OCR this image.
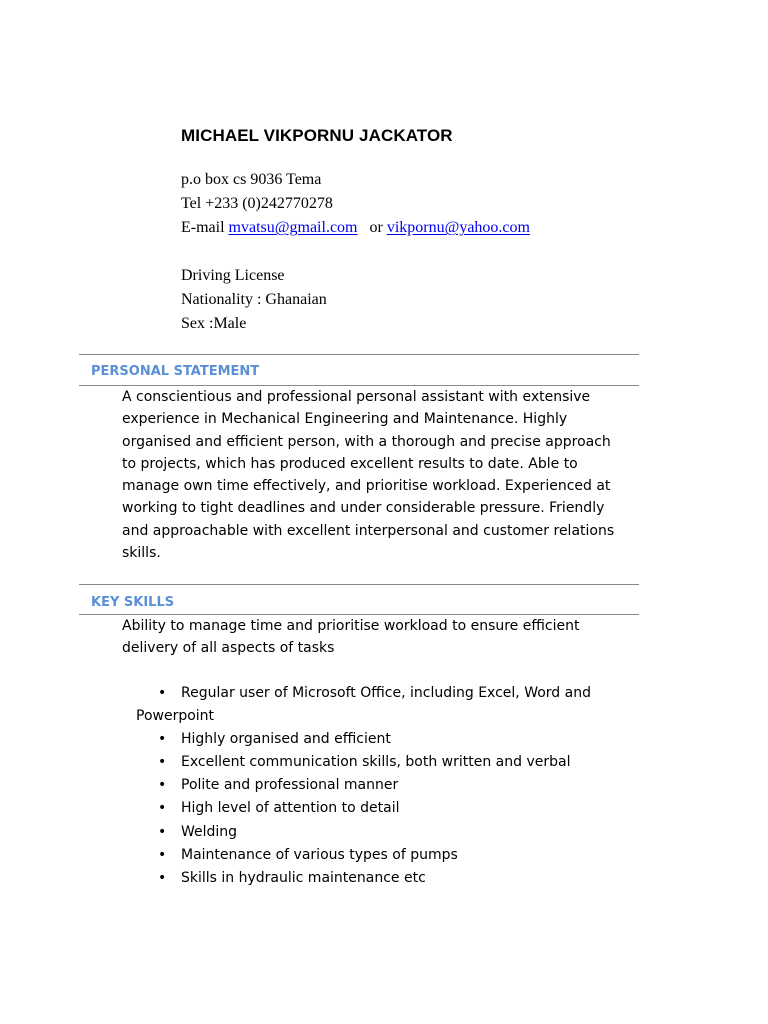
MICHAEL VIKPORNU JACKATOR
p.o box cs 9036 Tema
Tel +233 (0)242770278
E-mail mvatsu@gmail.com or vikpornu@yahoo.com
Driving License
Nationality : Ghanaian
Sex :Male
PERSONAL STATEMENT
A conscientious and professional personal assistant with extensive
experience in Mechanical Engineering and Maintenance. Highly
organised and efficient person, with a thorough and precise approach
to projects, which has produced excellent results to date. Able to
manage own time effectively, and prioritise workload. Experienced at
working to tight deadlines and under considerable pressure. Friendly
and approachable with excellent interpersonal and customer relations
skills.
KEY SKILLS
Ability to manage time and prioritise workload to ensure efficient
delivery of all aspects of tasks
• Regular user of Microsoft Office, including Excel, Word and
Powerpoint
• Highly organised and efficient
• Excellent communication skills, both written and verbal
• Polite and professional manner
• High level of attention to detail
• Welding
• Maintenance of various types of pumps
• Skills in hydraulic maintenance etc
